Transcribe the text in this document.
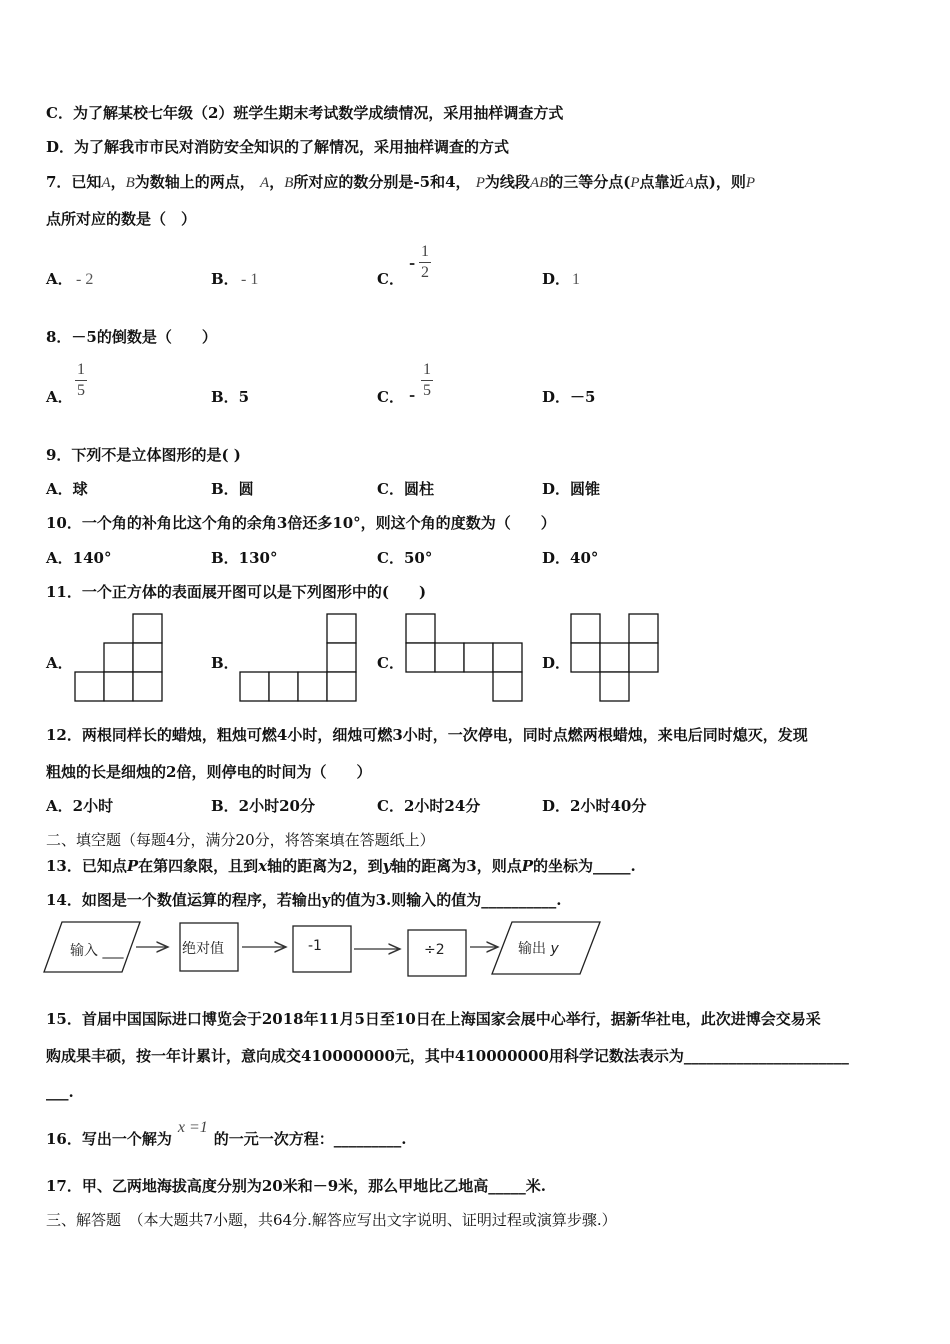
C．为了解某校七年级（2）班学生期末考试数学成绩情况，采用抽样调查方式
D．为了解我市市民对消防安全知识的了解情况，采用抽样调查的方式
7．已知A，B为数轴上的两点， A，B所对应的数分别是-5和4， P为线段AB的三等分点(P点靠近A点)，则P
点所对应的数是（　）
A． - 2	B． - 1	C．
- $\frac{1}{2}$	D． 1
8．－5的倒数是（　　）
A． $\frac{1}{5}$	B．5	C． - $\frac{1}{5}$	D．－5
9．下列不是立体图形的是( )
A．球	B．圆	C．圆柱	D．圆锥
10．一个角的补角比这个角的余角3倍还多10°，则这个角的度数为（　　）
A．140°	B．130°	C．50°	D．40°
11．一个正方体的表面展开图可以是下列图形中的(　　)
A．	B．	C．	D．
12．两根同样长的蜡烛，粗烛可燃4小时，细烛可燃3小时，一次停电，同时点燃两根蜡烛，来电后同时熄灭，发现
粗烛的长是细烛的2倍，则停电的时间为（　　）
A．2小时	B．2小时20分	C．2小时24分	D．2小时40分
二、填空题（每题4分，满分20分，将答案填在答题纸上）
13．已知点P在第四象限，且到x轴的距离为2，到y轴的距离为3，则点P的坐标为_____.
14．如图是一个数值运算的程序，若输出y的值为3.则输入的值为__________.
输入 ___	绝对值	-1	÷2	输出 y
15．首届中国国际进口博览会于2018年11月5日至10日在上海国家会展中心举行，据新华社电，此次进博会交易采
购成果丰硕，按一年计累计，意向成交410000000元，其中410000000用科学记数法表示为______________________
___.
16．写出一个解为x =1的一元一次方程：_________.
17．甲、乙两地海拔高度分别为20米和－9米，那么甲地比乙地高_____米.
三、解答题　（本大题共7小题，共64分.解答应写出文字说明、证明过程或演算步骤.）
